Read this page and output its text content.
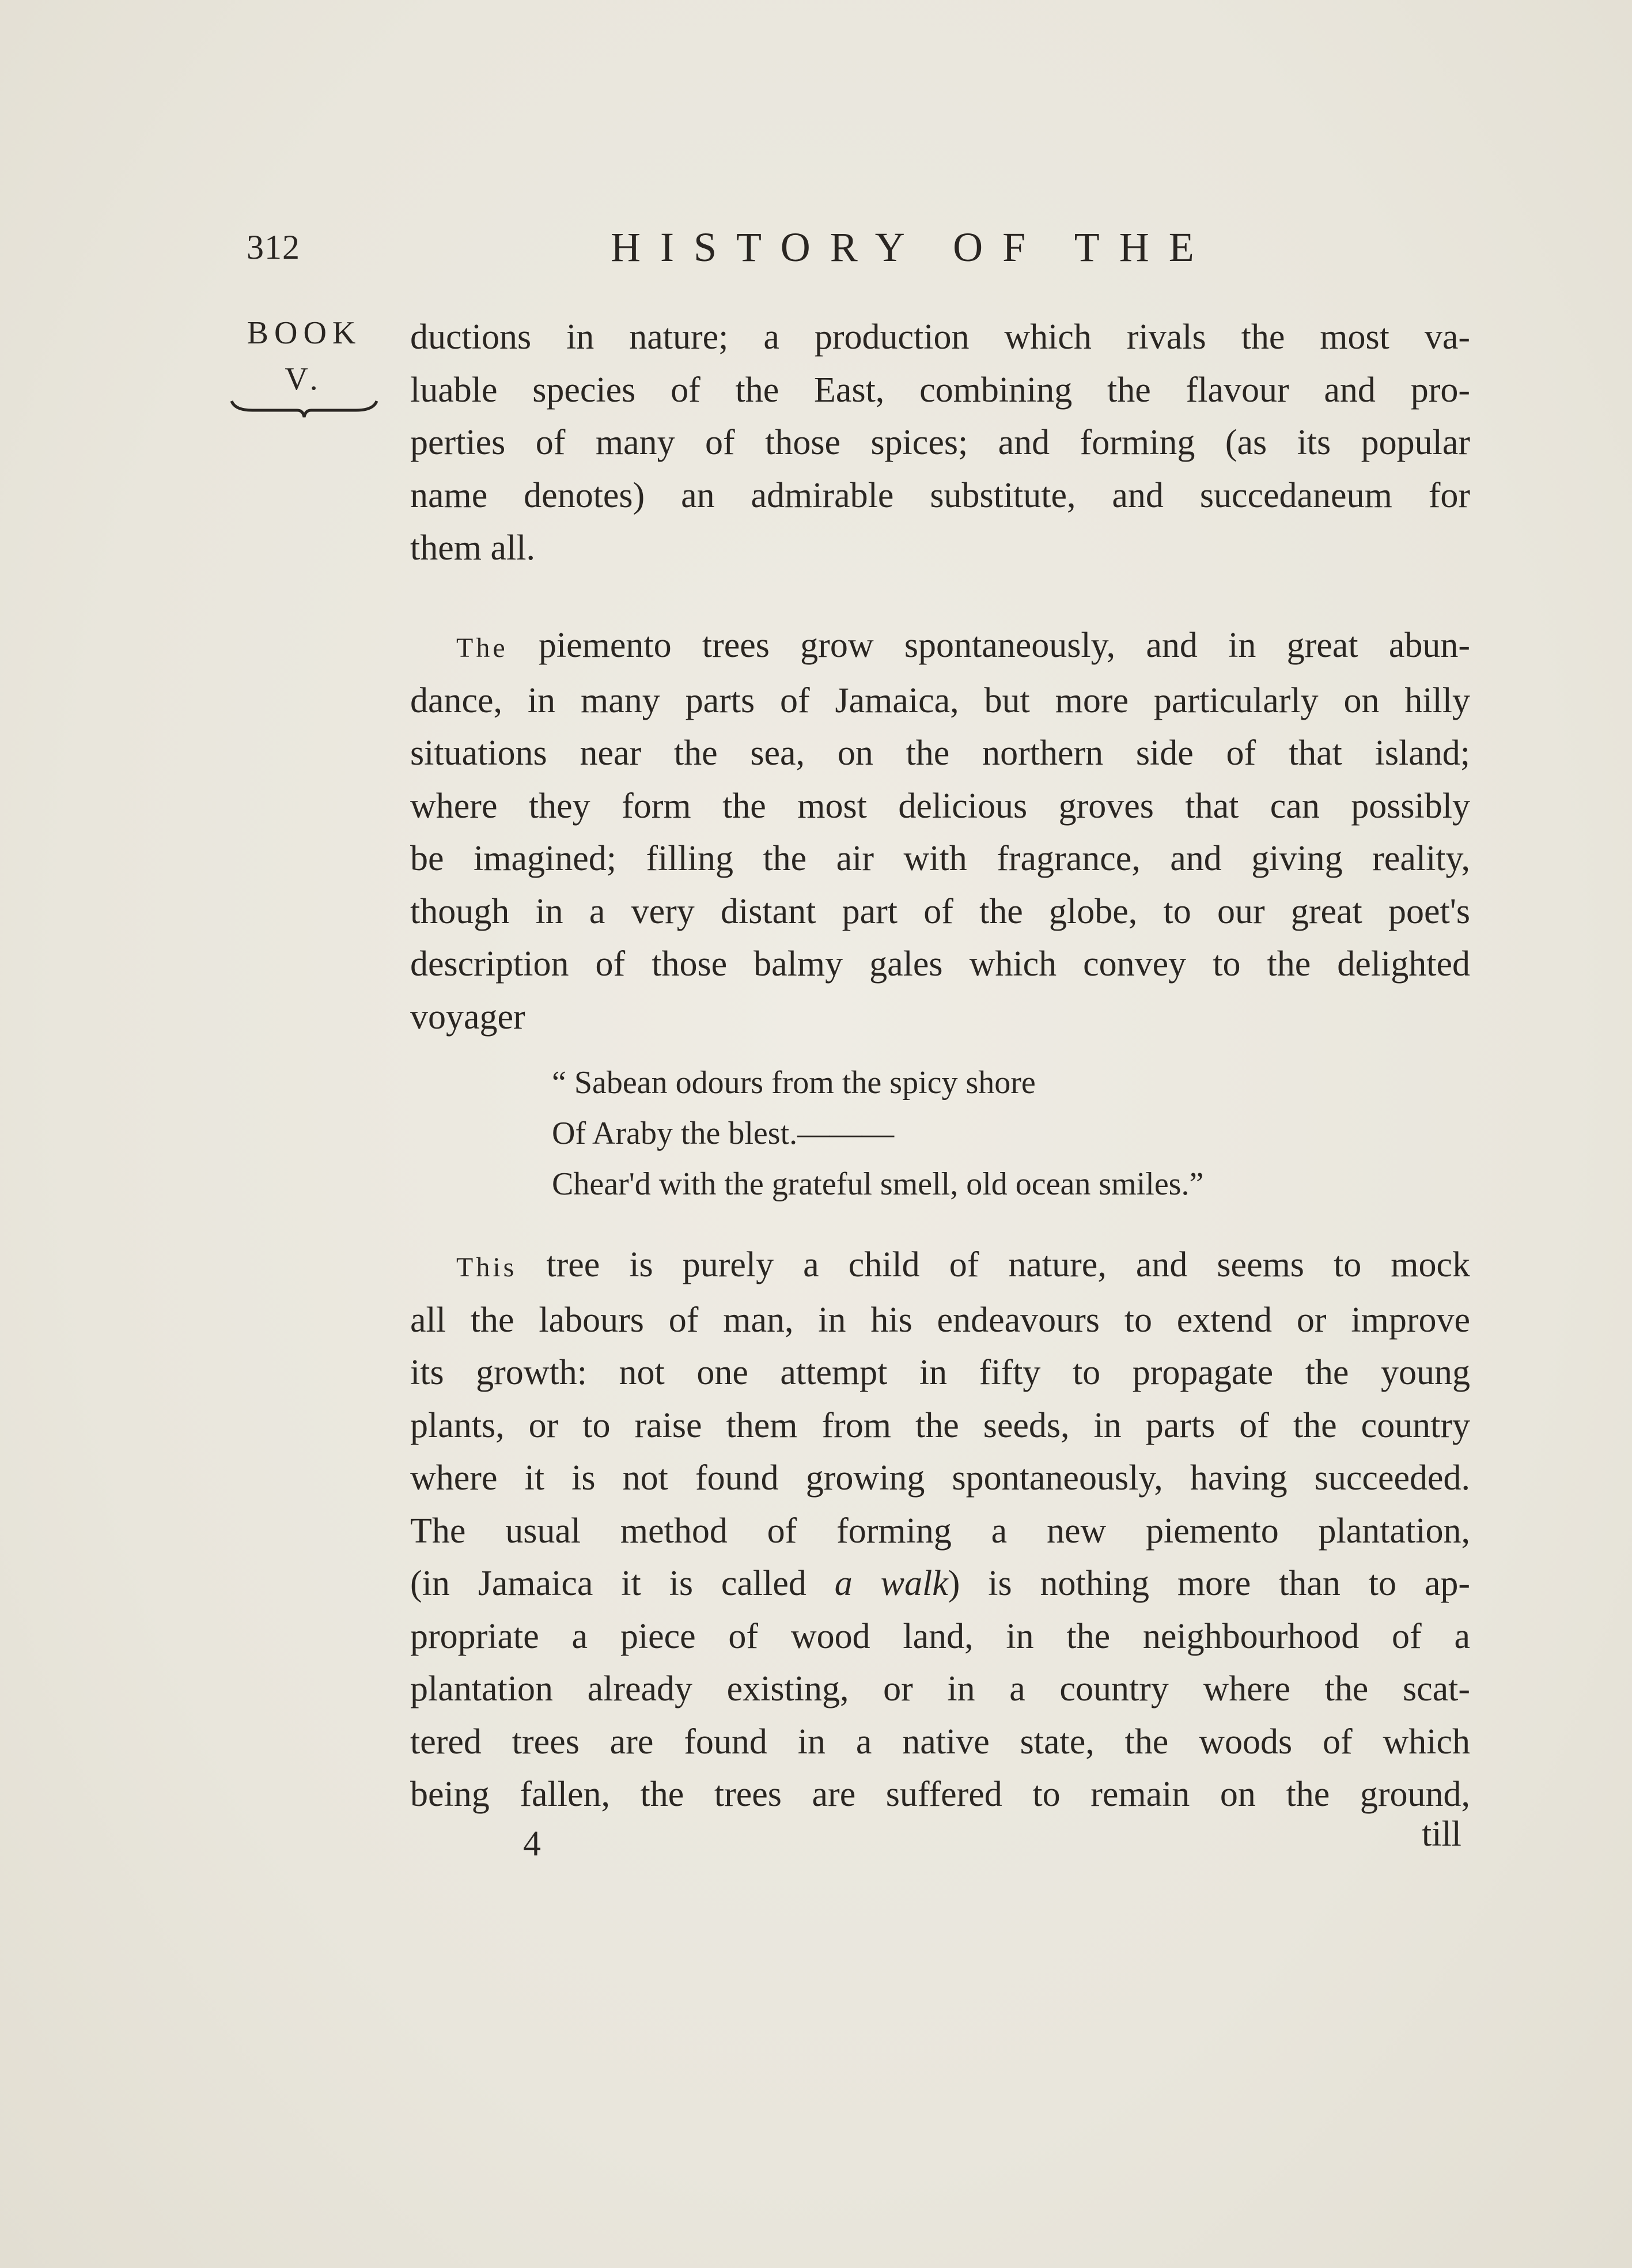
312	HISTORY OF THE
BOOK
V.

ductions in nature; a production which rivals the most va-

luable species of the East, combining the flavour and pro-

perties of many of those spices; and forming (as its popular

name denotes) an admirable substitute, and succedaneum for

them all.

The piemento trees grow spontaneously, and in great abun-

dance, in many parts of Jamaica, but more particularly on hilly

situations near the sea, on the northern side of that island;

where they form the most delicious groves that can possibly

be imagined; filling the air with fragrance, and giving reality,

though in a very distant part of the globe, to our great poet's

description of those balmy gales which convey to the delighted

voyager

“ Sabean odours from the spicy shore

Of Araby the blest.———

Chear'd with the grateful smell, old ocean smiles.”

This tree is purely a child of nature, and seems to mock

all the labours of man, in his endeavours to extend or improve

its growth: not one attempt in fifty to propagate the young

plants, or to raise them from the seeds, in parts of the country

where it is not found growing spontaneously, having succeeded.

The usual method of forming a new piemento plantation,

(in Jamaica it is called a walk) is nothing more than to ap-

propriate a piece of wood land, in the neighbourhood of a

plantation already existing, or in a country where the scat-

tered trees are found in a native state, the woods of which

being fallen, the trees are suffered to remain on the ground,

4	till
